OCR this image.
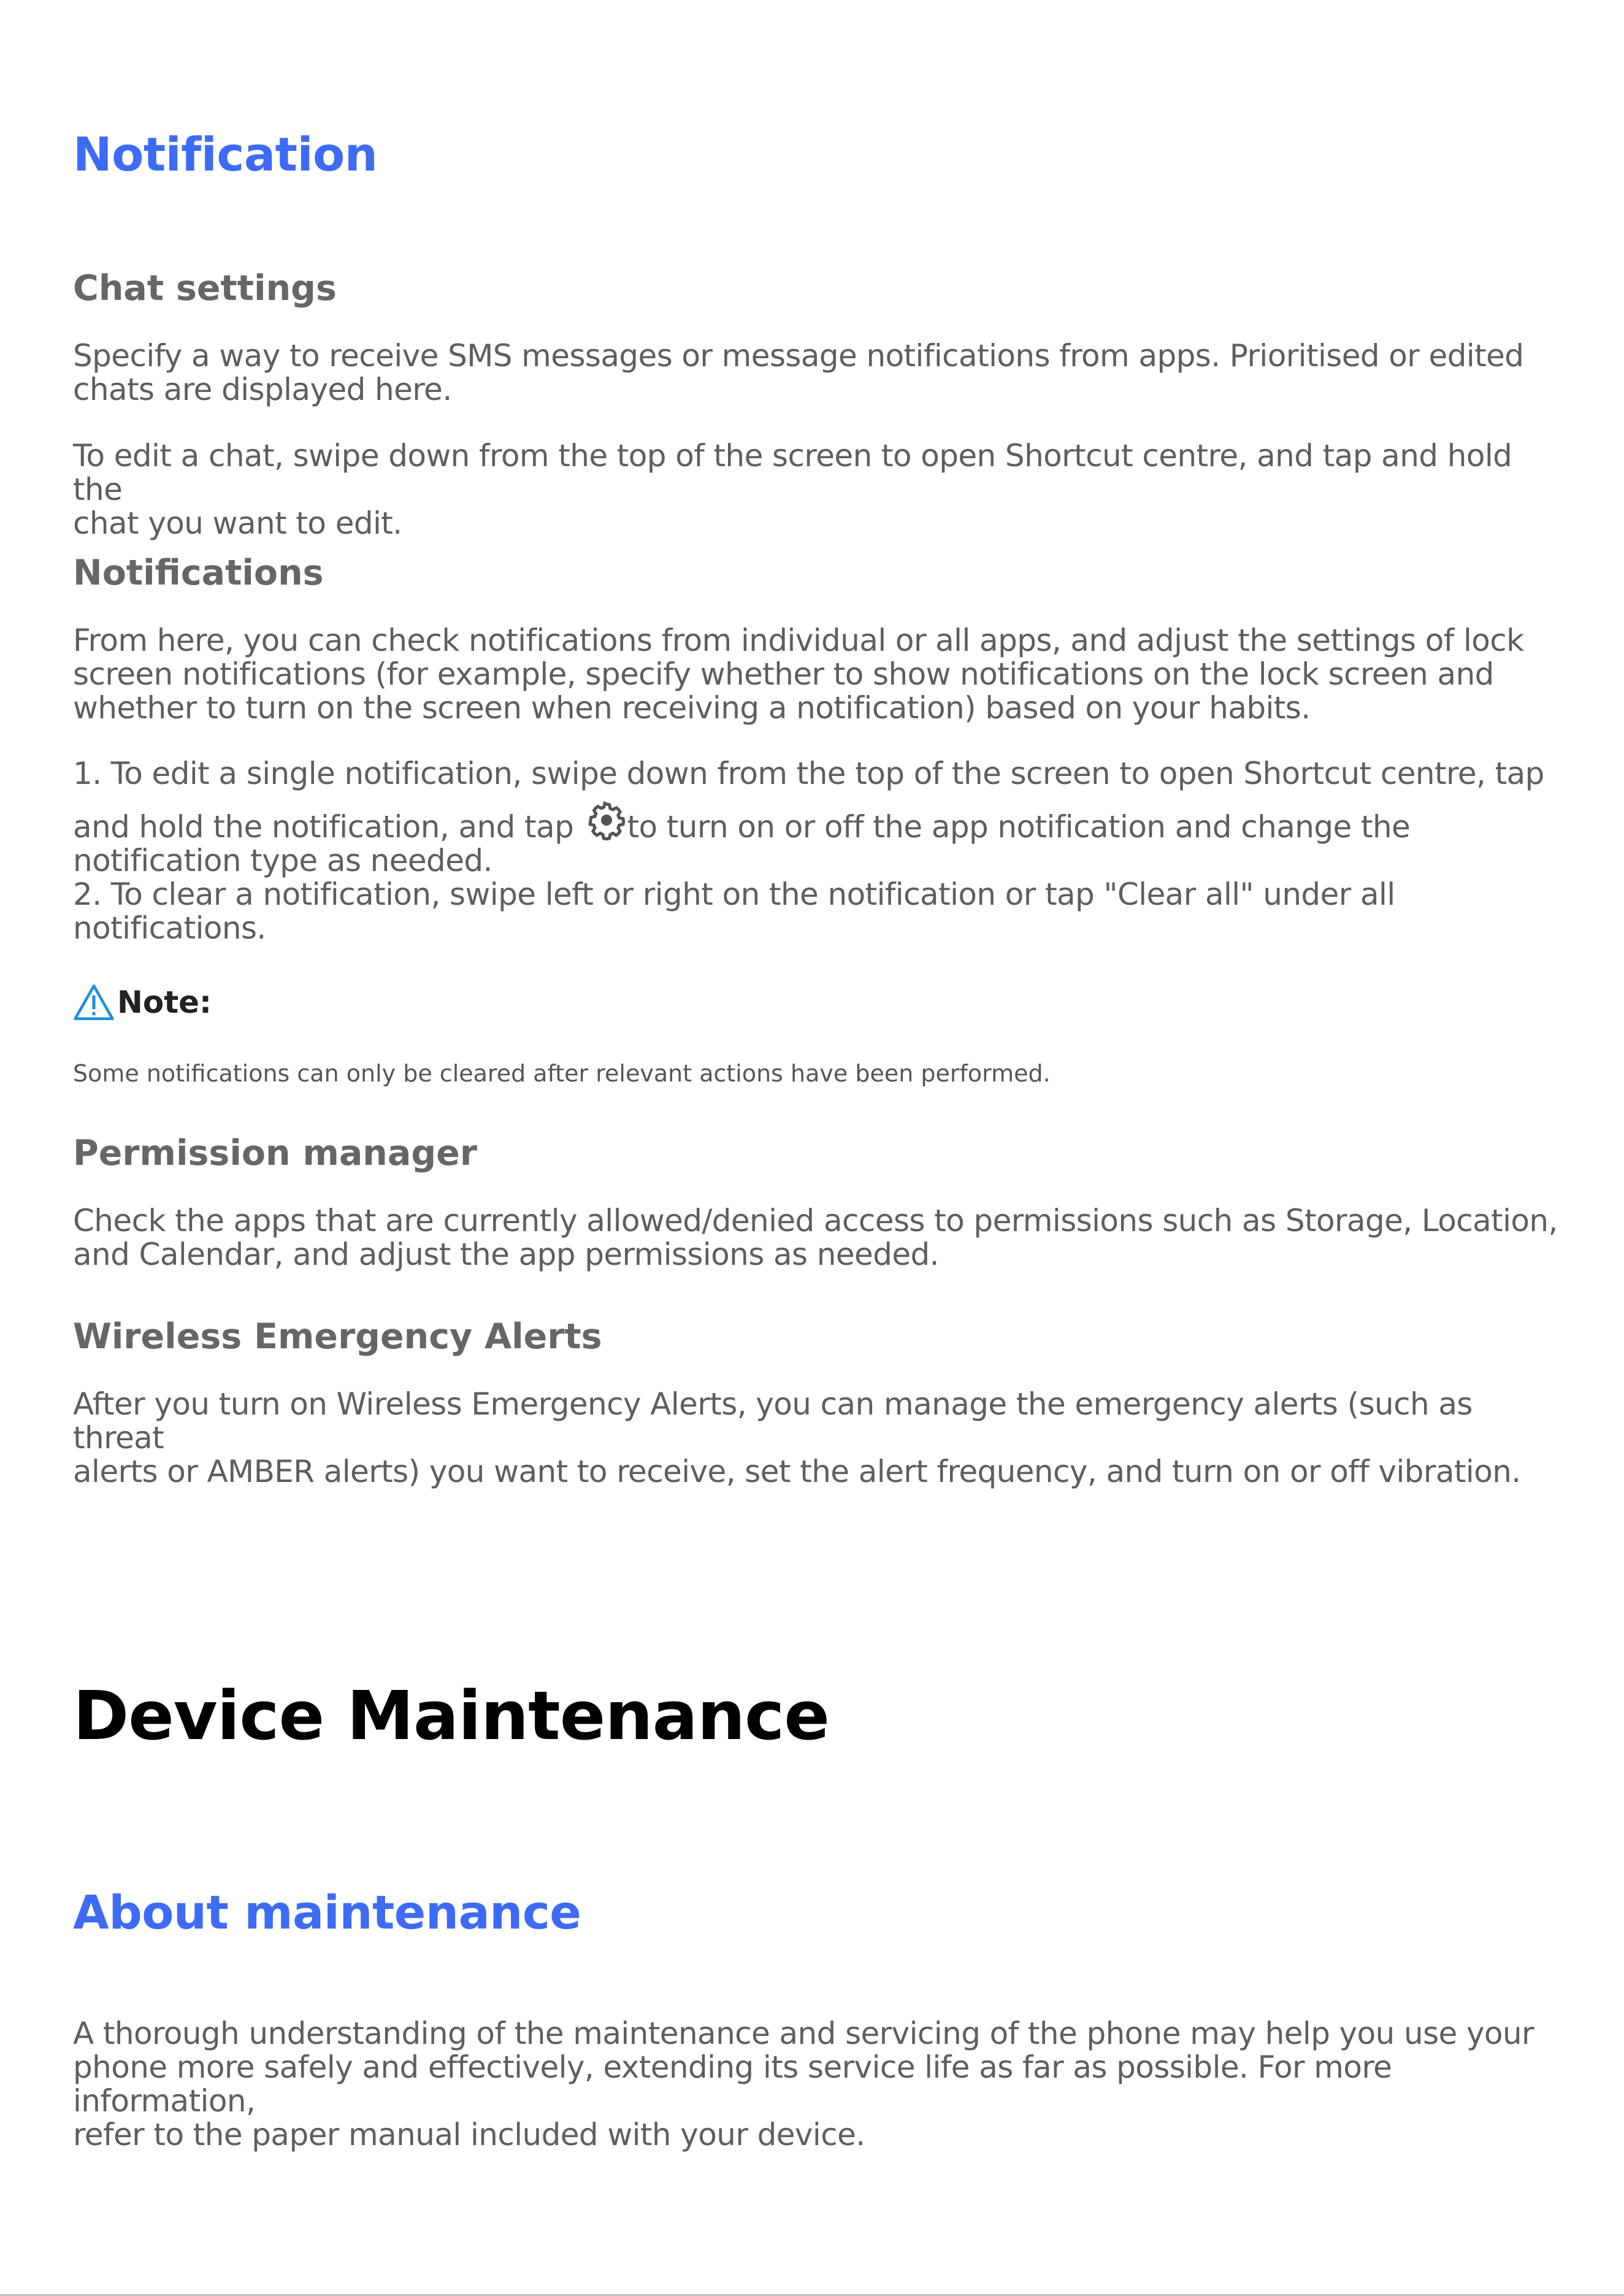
Notification
Chat settings

Specify a way to receive SMS messages or message notifications from apps. Prioritised or edited
chats are displayed here.

To edit a chat, swipe down from the top of the screen to open Shortcut centre, and tap and hold the
chat you want to edit.

Notifications

From here, you can check notifications from individual or all apps, and adjust the settings of lock
screen notifications (for example, specify whether to show notifications on the lock screen and
whether to turn on the screen when receiving a notification) based on your habits.

1. To edit a single notification, swipe down from the top of the screen to open Shortcut centre, tap
and hold the notification, and tap to turn on or off the app notification and change the
notification type as needed.
2. To clear a notification, swipe left or right on the notification or tap "Clear all" under all
notifications.

Note:

Some notifications can only be cleared after relevant actions have been performed.

Permission manager

Check the apps that are currently allowed/denied access to permissions such as Storage, Location,
and Calendar, and adjust the app permissions as needed.

Wireless Emergency Alerts

After you turn on Wireless Emergency Alerts, you can manage the emergency alerts (such as threat
alerts or AMBER alerts) you want to receive, set the alert frequency, and turn on or off vibration.

Device Maintenance
About maintenance

A thorough understanding of the maintenance and servicing of the phone may help you use your
phone more safely and effectively, extending its service life as far as possible. For more information,
refer to the paper manual included with your device.
